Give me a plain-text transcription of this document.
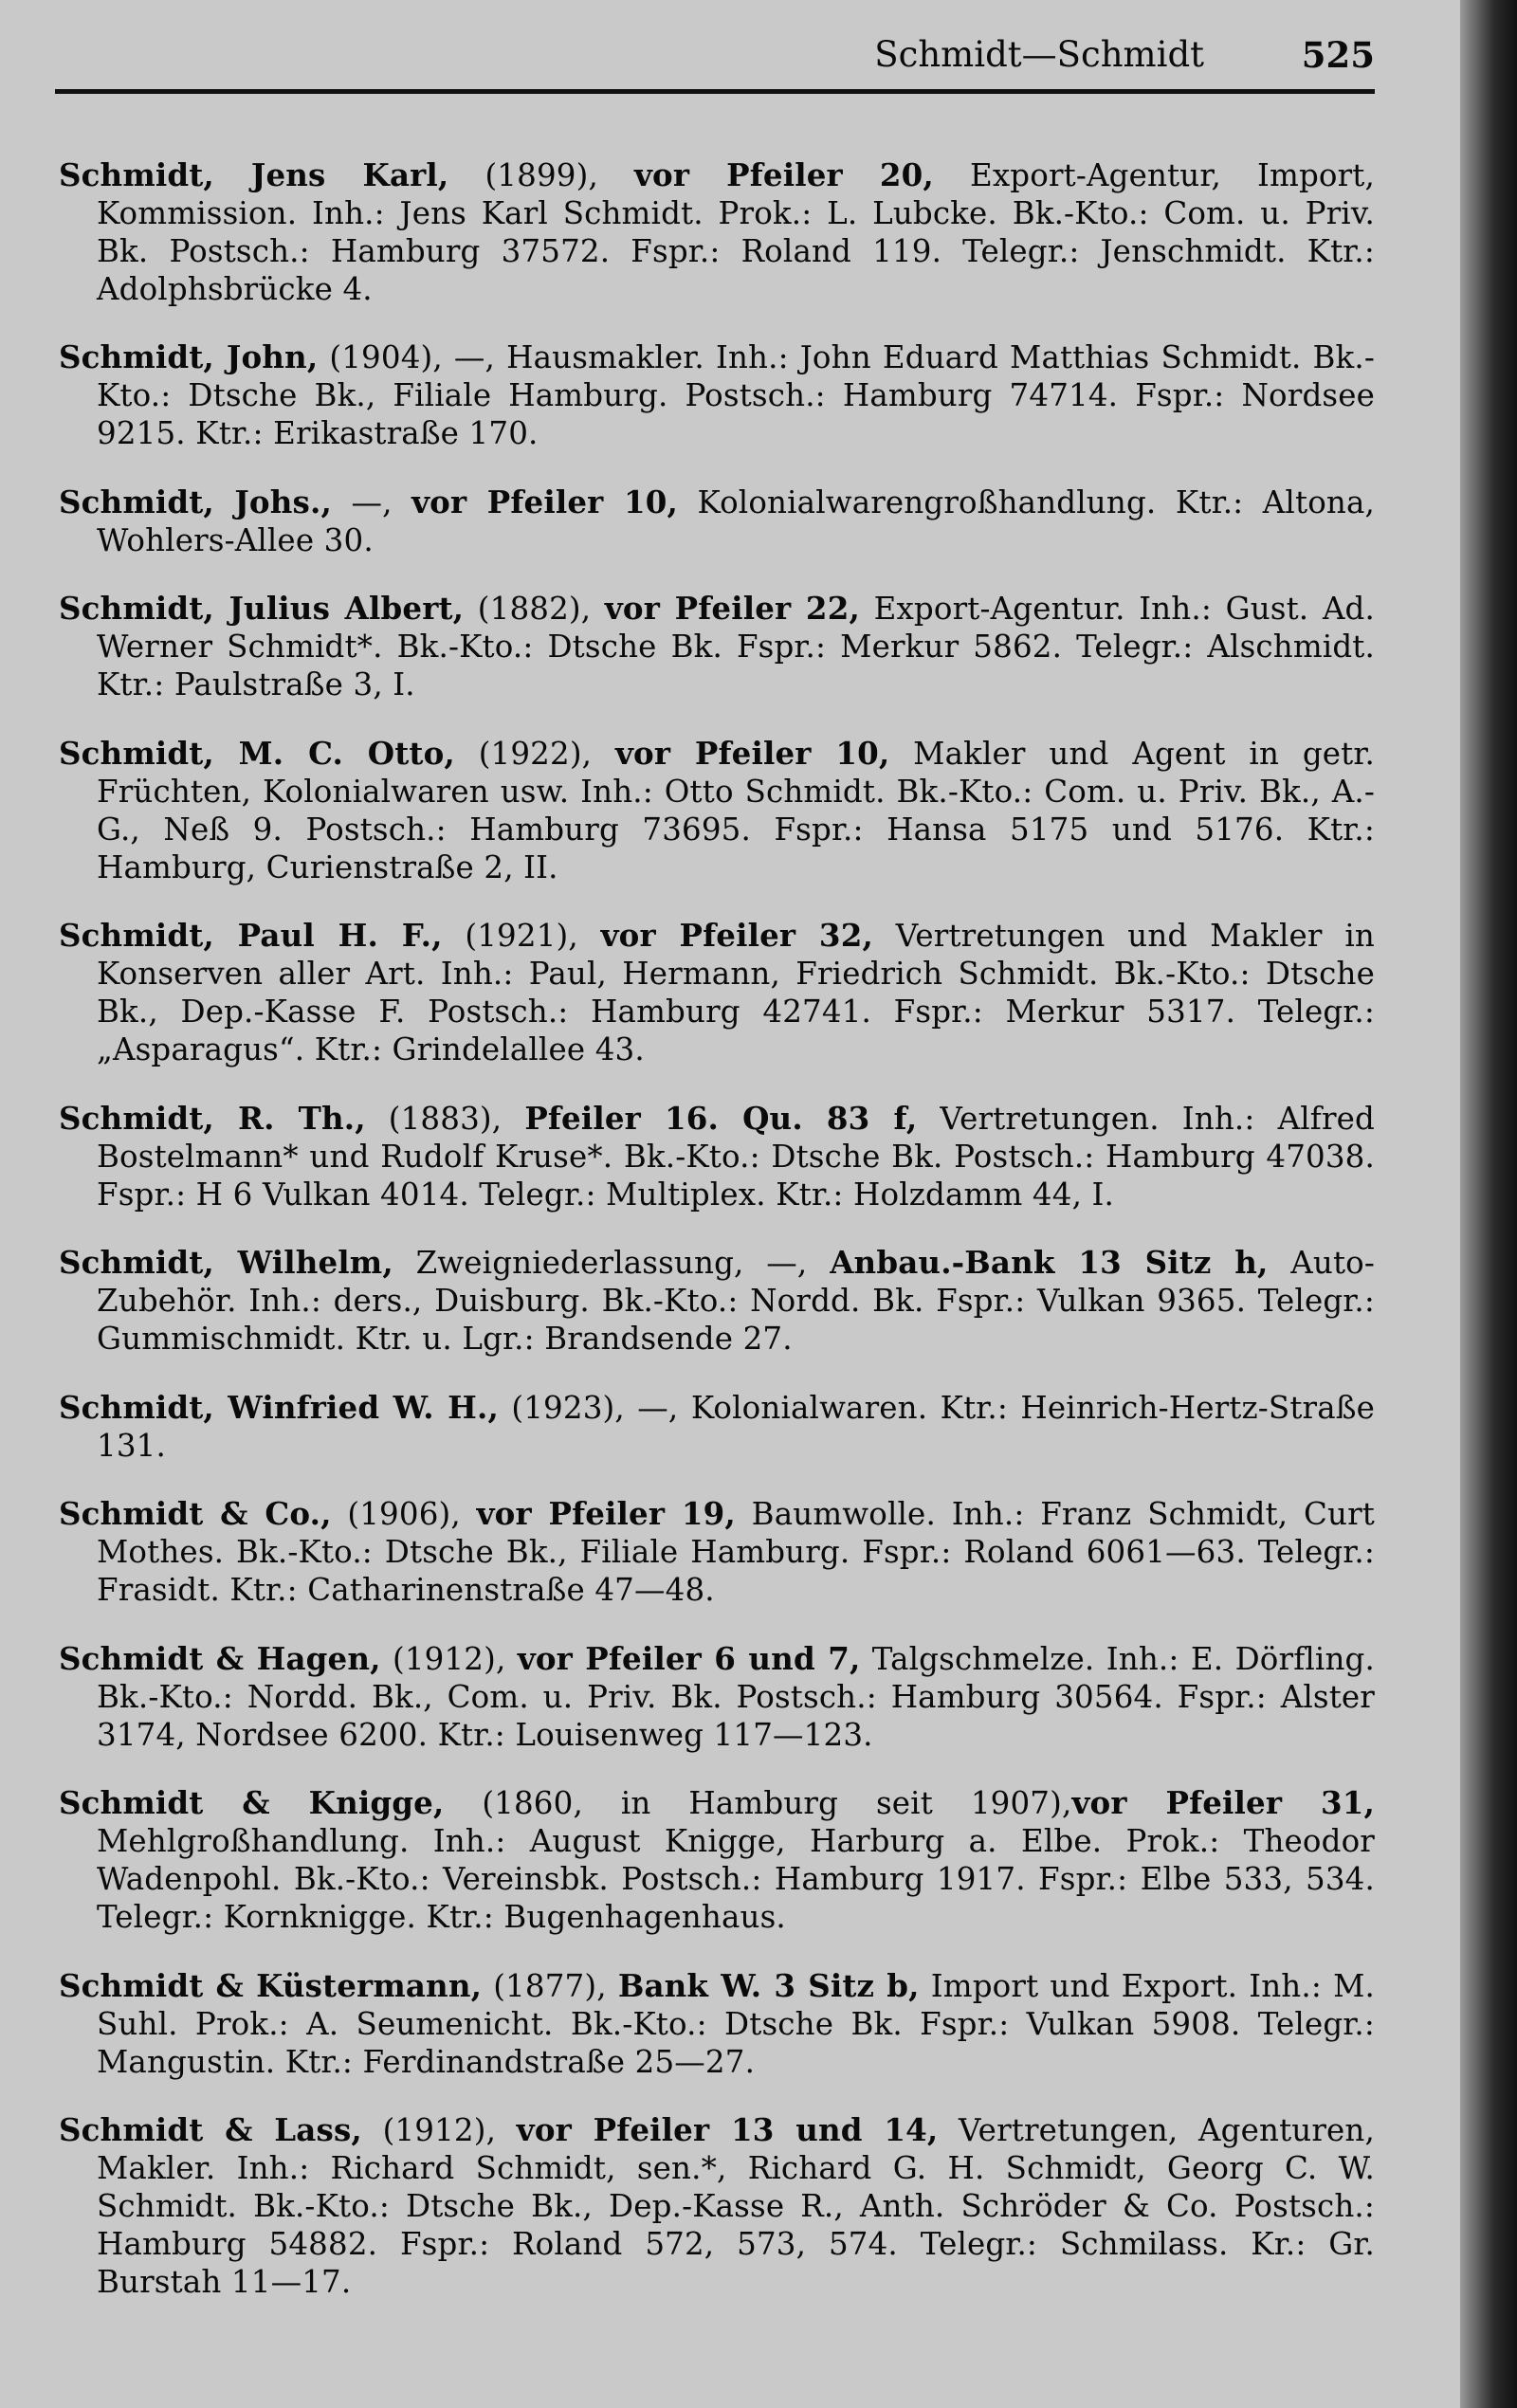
Schmidt—Schmidt	525

Schmidt, Jens Karl, (1899), vor Pfeiler 20, Export-Agentur, Import, Kommission. Inh.: Jens Karl Schmidt. Prok.: L. Lubcke. Bk.-Kto.: Com. u. Priv. Bk. Postsch.: Hamburg 37572. Fspr.: Roland 119. Telegr.: Jenschmidt. Ktr.: Adolphsbrücke 4.

Schmidt, John, (1904), —, Hausmakler. Inh.: John Eduard Matthias Schmidt. Bk.-Kto.: Dtsche Bk., Filiale Hamburg. Postsch.: Hamburg 74714. Fspr.: Nordsee 9215. Ktr.: Erikastraße 170.

Schmidt, Johs., —, vor Pfeiler 10, Kolonialwarengroßhandlung. Ktr.: Altona, Wohlers-Allee 30.

Schmidt, Julius Albert, (1882), vor Pfeiler 22, Export-Agentur. Inh.: Gust. Ad. Werner Schmidt*. Bk.-Kto.: Dtsche Bk. Fspr.: Merkur 5862. Telegr.: Alschmidt. Ktr.: Paulstraße 3, I.

Schmidt, M. C. Otto, (1922), vor Pfeiler 10, Makler und Agent in getr. Früchten, Kolonialwaren usw. Inh.: Otto Schmidt. Bk.-Kto.: Com. u. Priv. Bk., A.-G., Neß 9. Postsch.: Hamburg 73695. Fspr.: Hansa 5175 und 5176. Ktr.: Hamburg, Curienstraße 2, II.

Schmidt, Paul H. F., (1921), vor Pfeiler 32, Vertretungen und Makler in Konserven aller Art. Inh.: Paul, Hermann, Friedrich Schmidt. Bk.-Kto.: Dtsche Bk., Dep.-Kasse F. Postsch.: Hamburg 42741. Fspr.: Merkur 5317. Telegr.: „Asparagus“. Ktr.: Grindelallee 43.

Schmidt, R. Th., (1883), Pfeiler 16. Qu. 83 f, Vertretungen. Inh.: Alfred Bostelmann* und Rudolf Kruse*. Bk.-Kto.: Dtsche Bk. Postsch.: Hamburg 47038. Fspr.: H 6 Vulkan 4014. Telegr.: Multiplex. Ktr.: Holzdamm 44, I.

Schmidt, Wilhelm, Zweigniederlassung, —, Anbau.-Bank 13 Sitz h, Auto-Zubehör. Inh.: ders., Duisburg. Bk.-Kto.: Nordd. Bk. Fspr.: Vulkan 9365. Telegr.: Gummischmidt. Ktr. u. Lgr.: Brandsende 27.

Schmidt, Winfried W. H., (1923), —, Kolonialwaren. Ktr.: Heinrich-Hertz-Straße 131.

Schmidt & Co., (1906), vor Pfeiler 19, Baumwolle. Inh.: Franz Schmidt, Curt Mothes. Bk.-Kto.: Dtsche Bk., Filiale Hamburg. Fspr.: Roland 6061—63. Telegr.: Frasidt. Ktr.: Catharinenstraße 47—48.

Schmidt & Hagen, (1912), vor Pfeiler 6 und 7, Talgschmelze. Inh.: E. Dörfling. Bk.-Kto.: Nordd. Bk., Com. u. Priv. Bk. Postsch.: Hamburg 30564. Fspr.: Alster 3174, Nordsee 6200. Ktr.: Louisenweg 117—123.

Schmidt & Knigge, (1860, in Hamburg seit 1907),vor Pfeiler 31, Mehlgroßhandlung. Inh.: August Knigge, Harburg a. Elbe. Prok.: Theodor Wadenpohl. Bk.-Kto.: Vereinsbk. Postsch.: Hamburg 1917. Fspr.: Elbe 533, 534. Telegr.: Kornknigge. Ktr.: Bugenhagenhaus.

Schmidt & Küstermann, (1877), Bank W. 3 Sitz b, Import und Export. Inh.: M. Suhl. Prok.: A. Seumenicht. Bk.-Kto.: Dtsche Bk. Fspr.: Vulkan 5908. Telegr.: Mangustin. Ktr.: Ferdinandstraße 25—27.

Schmidt & Lass, (1912), vor Pfeiler 13 und 14, Vertretungen, Agenturen, Makler. Inh.: Richard Schmidt, sen.*, Richard G. H. Schmidt, Georg C. W. Schmidt. Bk.-Kto.: Dtsche Bk., Dep.-Kasse R., Anth. Schröder & Co. Postsch.: Hamburg 54882. Fspr.: Roland 572, 573, 574. Telegr.: Schmilass. Kr.: Gr. Burstah 11—17.
